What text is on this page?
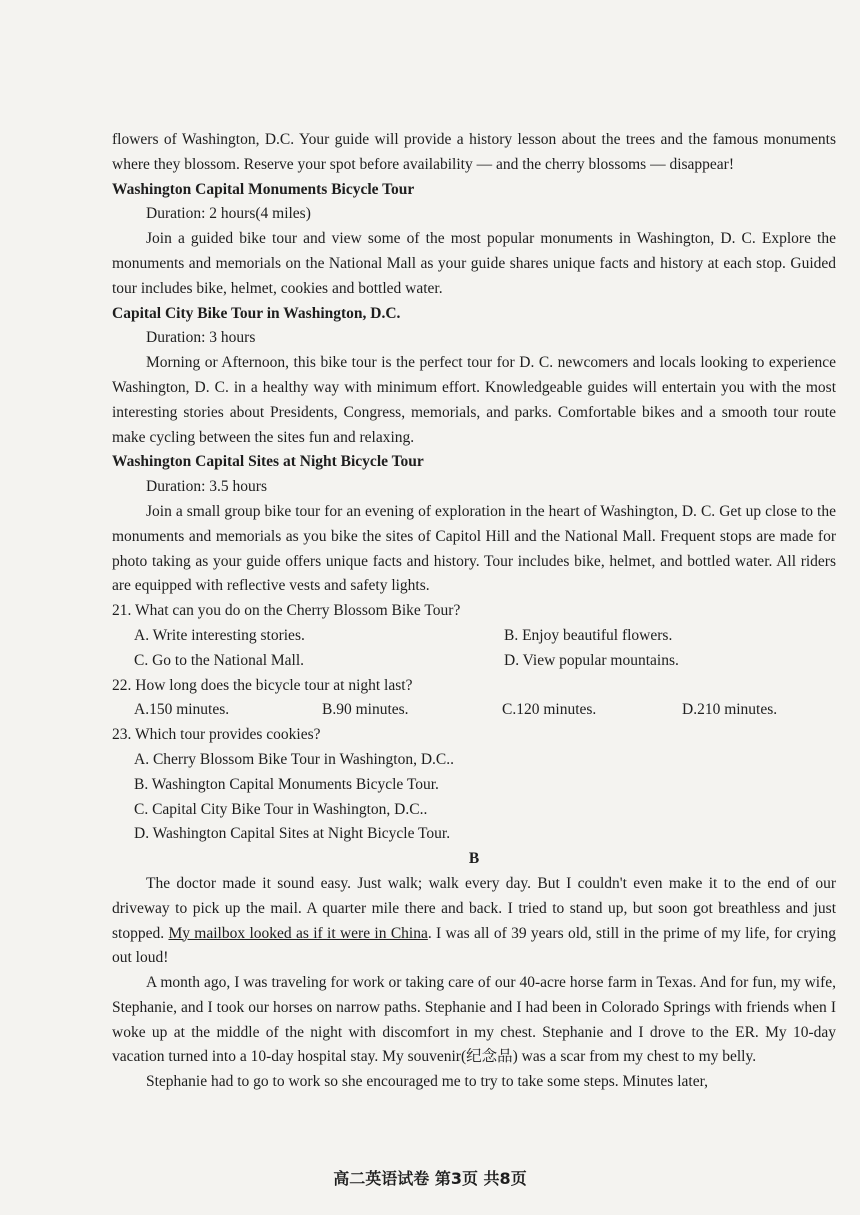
flowers of Washington, D.C. Your guide will provide a history lesson about the trees and the famous monuments where they blossom. Reserve your spot before availability — and the cherry blossoms — disappear!

Washington Capital Monuments Bicycle Tour

Duration: 2 hours(4 miles)

Join a guided bike tour and view some of the most popular monuments in Washington, D. C. Explore the monuments and memorials on the National Mall as your guide shares unique facts and history at each stop. Guided tour includes bike, helmet, cookies and bottled water.

Capital City Bike Tour in Washington, D.C.

Duration: 3 hours

Morning or Afternoon, this bike tour is the perfect tour for D. C. newcomers and locals looking to experience Washington, D. C. in a healthy way with minimum effort. Knowledgeable guides will entertain you with the most interesting stories about Presidents, Congress, memorials, and parks. Comfortable bikes and a smooth tour route make cycling between the sites fun and relaxing.

Washington Capital Sites at Night Bicycle Tour

Duration: 3.5 hours

Join a small group bike tour for an evening of exploration in the heart of Washington, D. C. Get up close to the monuments and memorials as you bike the sites of Capitol Hill and the National Mall. Frequent stops are made for photo taking as your guide offers unique facts and history. Tour includes bike, helmet, and bottled water. All riders are equipped with reflective vests and safety lights.

21. What can you do on the Cherry Blossom Bike Tour?

A. Write interesting stories.	B. Enjoy beautiful flowers.
C. Go to the National Mall.	D. View popular mountains.

22. How long does the bicycle tour at night last?

A.150 minutes.	B.90 minutes.	C.120 minutes.	D.210 minutes.

23. Which tour provides cookies?

A. Cherry Blossom Bike Tour in Washington, D.C..
B. Washington Capital Monuments Bicycle Tour.
C. Capital City Bike Tour in Washington, D.C..
D. Washington Capital Sites at Night Bicycle Tour.

B

The doctor made it sound easy. Just walk; walk every day. But I couldn't even make it to the end of our driveway to pick up the mail. A quarter mile there and back. I tried to stand up, but soon got breathless and just stopped. My mailbox looked as if it were in China. I was all of 39 years old, still in the prime of my life, for crying out loud!

A month ago, I was traveling for work or taking care of our 40-acre horse farm in Texas. And for fun, my wife, Stephanie, and I took our horses on narrow paths. Stephanie and I had been in Colorado Springs with friends when I woke up at the middle of the night with discomfort in my chest. Stephanie and I drove to the ER. My 10-day vacation turned into a 10-day hospital stay. My souvenir(纪念品) was a scar from my chest to my belly.

Stephanie had to go to work so she encouraged me to try to take some steps. Minutes later,

高二英语试卷 第3页 共8页
